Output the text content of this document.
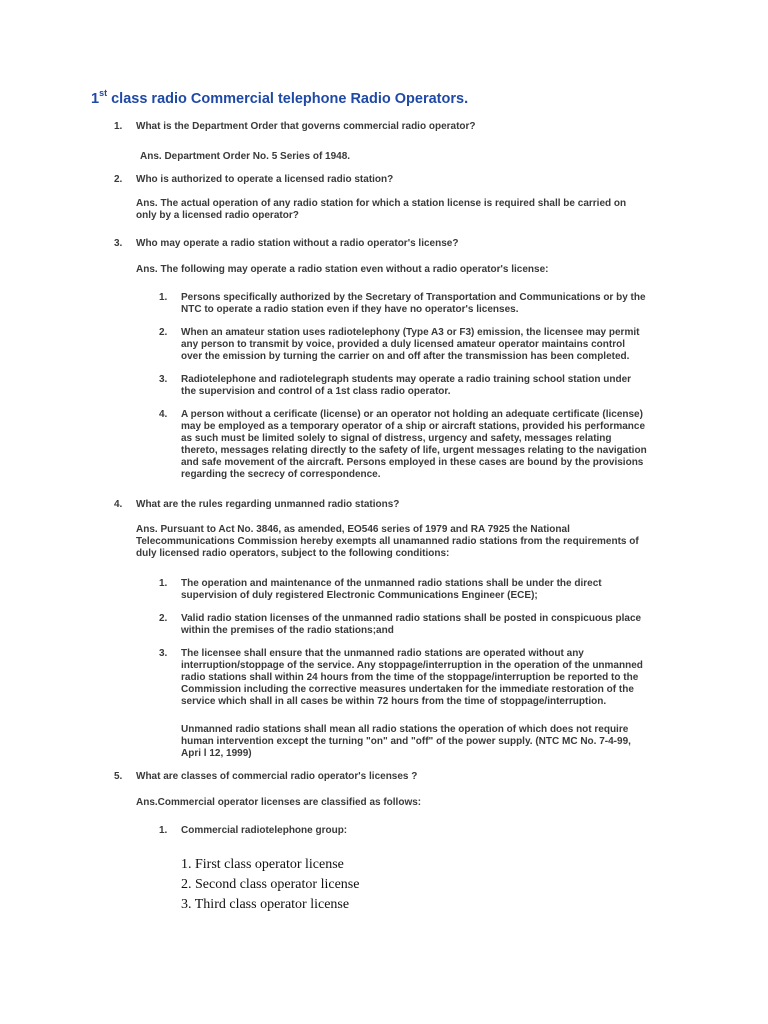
1st class radio Commercial telephone Radio Operators.
1. What is the Department Order that governs commercial radio operator?
Ans. Department Order No. 5 Series of 1948.
2. Who is authorized to operate a licensed radio station?
Ans. The actual operation of any radio station for which a station license is required shall be carried on
only by a licensed radio operator?
3. Who may operate a radio station without a radio operator's license?
Ans. The following may operate a radio station even without a radio operator's license:
1. Persons specifically authorized by the Secretary of Transportation and Communications or by the
NTC to operate a radio station even if they have no operator's licenses.
2. When an amateur station uses radiotelephony (Type A3 or F3) emission, the licensee may permit
any person to transmit by voice, provided a duly licensed amateur operator maintains control
over the emission by turning the carrier on and off after the transmission has been completed.
3. Radiotelephone and radiotelegraph students may operate a radio training school station under
the supervision and control of a 1st class radio operator.
4. A person without a cerificate (license) or an operator not holding an adequate certificate (license)
may be employed as a temporary operator of a ship or aircraft stations, provided his performance
as such must be limited solely to signal of distress, urgency and safety, messages relating
thereto, messages relating directly to the safety of life, urgent messages relating to the navigation
and safe movement of the aircraft. Persons employed in these cases are bound by the provisions
regarding the secrecy of correspondence.
4. What are the rules regarding unmanned radio stations?
Ans. Pursuant to Act No. 3846, as amended, EO546 series of 1979 and RA 7925 the National
Telecommunications Commission hereby exempts all unamanned radio stations from the requirements of
duly licensed radio operators, subject to the following conditions:
1. The operation and maintenance of the unmanned radio stations shall be under the direct
supervision of duly registered Electronic Communications Engineer (ECE);
2. Valid radio station licenses of the unmanned radio stations shall be posted in conspicuous place
within the premises of the radio stations;and
3. The licensee shall ensure that the unmanned radio stations are operated without any
interruption/stoppage of the service. Any stoppage/interruption in the operation of the unmanned
radio stations shall within 24 hours from the time of the stoppage/interruption be reported to the
Commission including the corrective measures undertaken for the immediate restoration of the
service which shall in all cases be within 72 hours from the time of stoppage/interruption.
Unmanned radio stations shall mean all radio stations the operation of which does not require
human intervention except the turning "on" and "off" of the power supply. (NTC MC No. 7-4-99,
Apri l 12, 1999)
5. What are classes of commercial radio operator's licenses ?
Ans.Commercial operator licenses are classified as follows:
1. Commercial radiotelephone group:
1. First class operator license
2. Second class operator license
3. Third class operator license
